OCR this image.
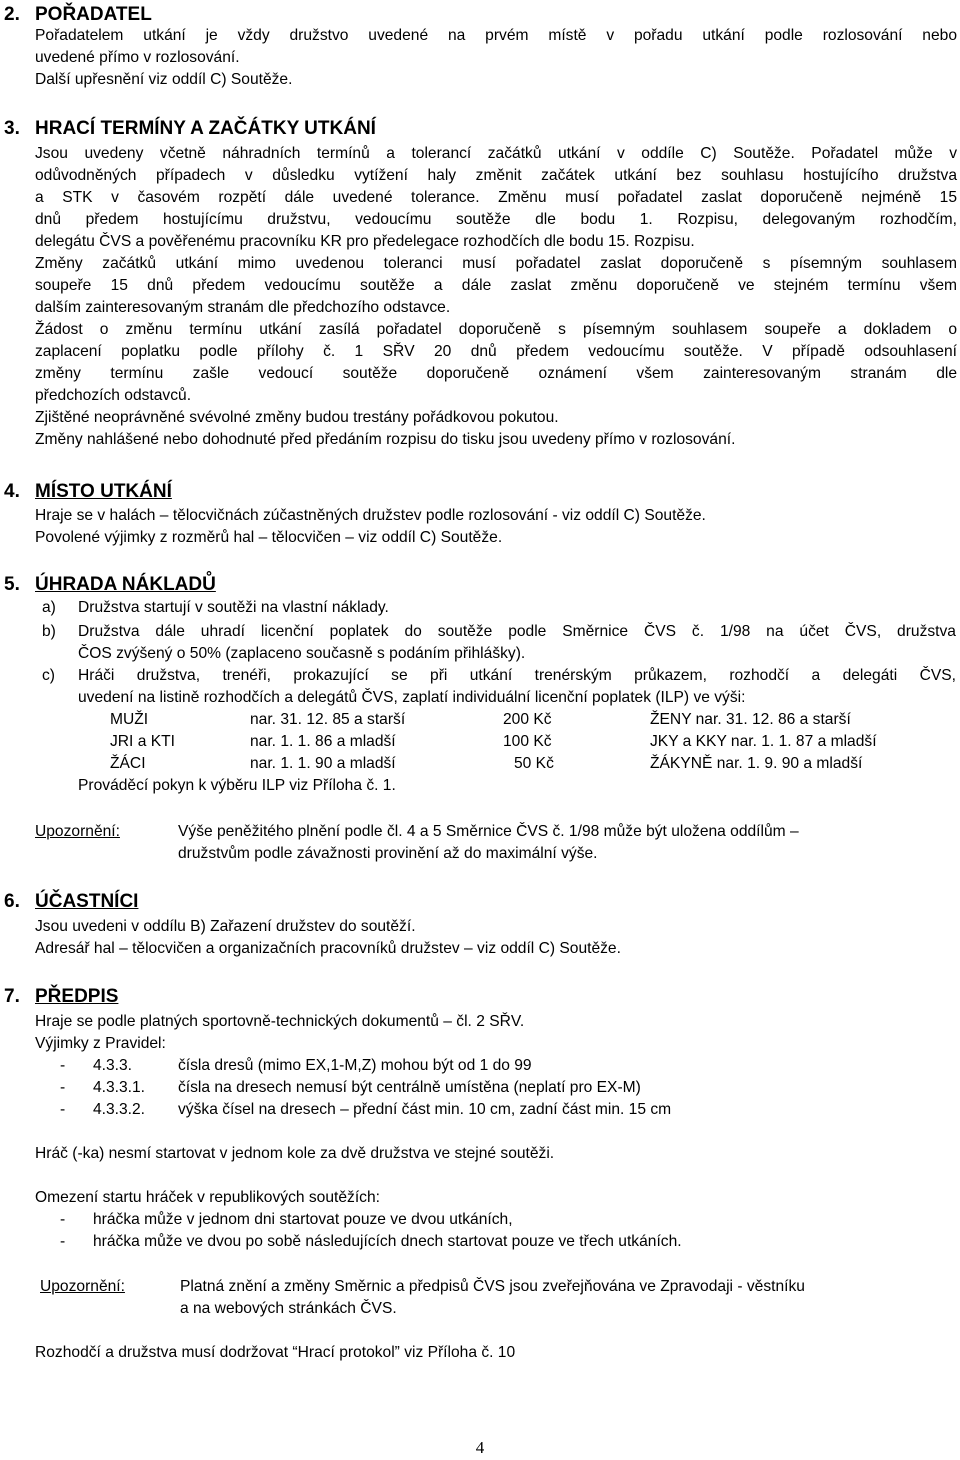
2. POŘADATEL
Pořadatelem utkání je vždy družstvo uvedené na prvém místě v pořadu utkání podle rozlosování nebo
uvedené přímo v rozlosování.
Další upřesnění viz oddíl C) Soutěže.
3. HRACÍ TERMÍNY A ZAČÁTKY UTKÁNÍ
Jsou uvedeny včetně náhradních termínů a tolerancí začátků utkání v oddíle C) Soutěže. Pořadatel může v
odůvodněných případech v důsledku vytížení haly změnit začátek utkání bez souhlasu hostujícího družstva
a STK v časovém rozpětí dále uvedené tolerance. Změnu musí pořadatel zaslat doporučeně nejméně 15
dnů předem hostujícímu družstvu, vedoucímu soutěže dle bodu 1. Rozpisu, delegovaným rozhodčím,
delegátu ČVS a pověřenému pracovníku KR pro předelegace rozhodčích dle bodu 15. Rozpisu.
Změny začátků utkání mimo uvedenou toleranci musí pořadatel zaslat doporučeně s písemným souhlasem
soupeře 15 dnů předem vedoucímu soutěže a dále zaslat změnu doporučeně ve stejném termínu všem
dalším zainteresovaným stranám dle předchozího odstavce.
Žádost o změnu termínu utkání zasílá pořadatel doporučeně s písemným souhlasem soupeře a dokladem o
zaplacení poplatku podle přílohy č. 1 SŘV 20 dnů předem vedoucímu soutěže. V případě odsouhlasení
změny termínu zašle vedoucí soutěže doporučeně oznámení všem zainteresovaným stranám dle
předchozích odstavců.
Zjištěné neoprávněné svévolné změny budou trestány pořádkovou pokutou.
Změny nahlášené nebo dohodnuté před předáním rozpisu do tisku jsou uvedeny přímo v rozlosování.
4. MÍSTO UTKÁNÍ
Hraje se v halách – tělocvičnách zúčastněných družstev podle rozlosování - viz oddíl C) Soutěže.
Povolené výjimky z rozměrů hal – tělocvičen – viz oddíl C) Soutěže.
5. ÚHRADA NÁKLADŮ
a) Družstva startují v soutěži na vlastní náklady.
b) Družstva dále uhradí licenční poplatek do soutěže podle Směrnice ČVS č. 1/98 na účet ČVS, družstva
ČOS zvýšený o 50% (zaplaceno současně s podáním přihlášky).
c) Hráči družstva, trenéři, prokazující se při utkání trenérským průkazem, rozhodčí a delegáti ČVS,
uvedení na listině rozhodčích a delegátů ČVS, zaplatí individuální licenční poplatek (ILP) ve výši:
MUŽI	nar. 31. 12. 85 a starší	200 Kč	ŽENY nar. 31. 12. 86 a starší
JRI a KTI	nar. 1. 1. 86 a mladší	100 Kč	JKY a KKY nar. 1. 1. 87 a mladší
ŽÁCI	nar. 1. 1. 90 a mladší	50 Kč	ŽÁKYNĚ nar. 1. 9. 90 a mladší
Prováděcí pokyn k výběru ILP viz Příloha č. 1.
Upozornění:	Výše peněžitého plnění podle čl. 4 a 5 Směrnice ČVS č. 1/98 může být uložena oddílům –
družstvům podle závažnosti provinění až do maximální výše.
6. ÚČASTNÍCI
Jsou uvedeni v oddílu B) Zařazení družstev do soutěží.
Adresář hal – tělocvičen a organizačních pracovníků družstev – viz oddíl C) Soutěže.
7. PŘEDPIS
Hraje se podle platných sportovně-technických dokumentů – čl. 2 SŘV.
Výjimky z Pravidel:
- 4.3.3.	čísla dresů (mimo EX,1-M,Z) mohou být od 1 do 99
- 4.3.3.1. čísla na dresech nemusí být centrálně umístěna (neplatí pro EX-M)
- 4.3.3.2. výška čísel na dresech – přední část min. 10 cm, zadní část min. 15 cm
Hráč (-ka) nesmí startovat v jednom kole za dvě družstva ve stejné soutěži.
Omezení startu hráček v republikových soutěžích:
- hráčka může v jednom dni startovat pouze ve dvou utkáních,
- hráčka může ve dvou po sobě následujících dnech startovat pouze ve třech utkáních.
Upozornění:	Platná znění a změny Směrnic a předpisů ČVS jsou zveřejňována ve Zpravodaji - věstníku
a na webových stránkách ČVS.
Rozhodčí a družstva musí dodržovat “Hrací protokol” viz Příloha č. 10
4
